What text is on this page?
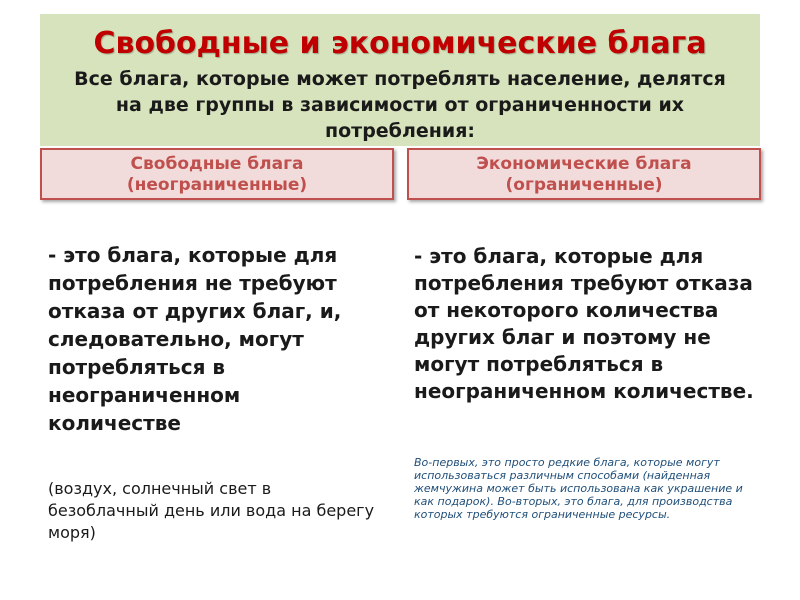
Свободные и экономические блага
Все блага, которые может потреблять население, делятся на две группы в зависимости от ограниченности их потребления:
Свободные блага
(неограниченные)
Экономические блага
(ограниченные)

- это блага, которые для потребления не требуют отказа от других благ, и, следовательно, могут потребляться в неограниченном количестве

(воздух, солнечный свет в безоблачный день или вода на берегу моря)

- это блага, которые для потребления требуют отказа от некоторого количества других благ и поэтому не могут потребляться в неограниченном количестве.

Во-первых, это просто редкие блага, которые могут использоваться различным способами (найденная жемчужина может быть использована как украшение и как подарок). Во-вторых, это блага, для производства которых требуются ограниченные ресурсы.
